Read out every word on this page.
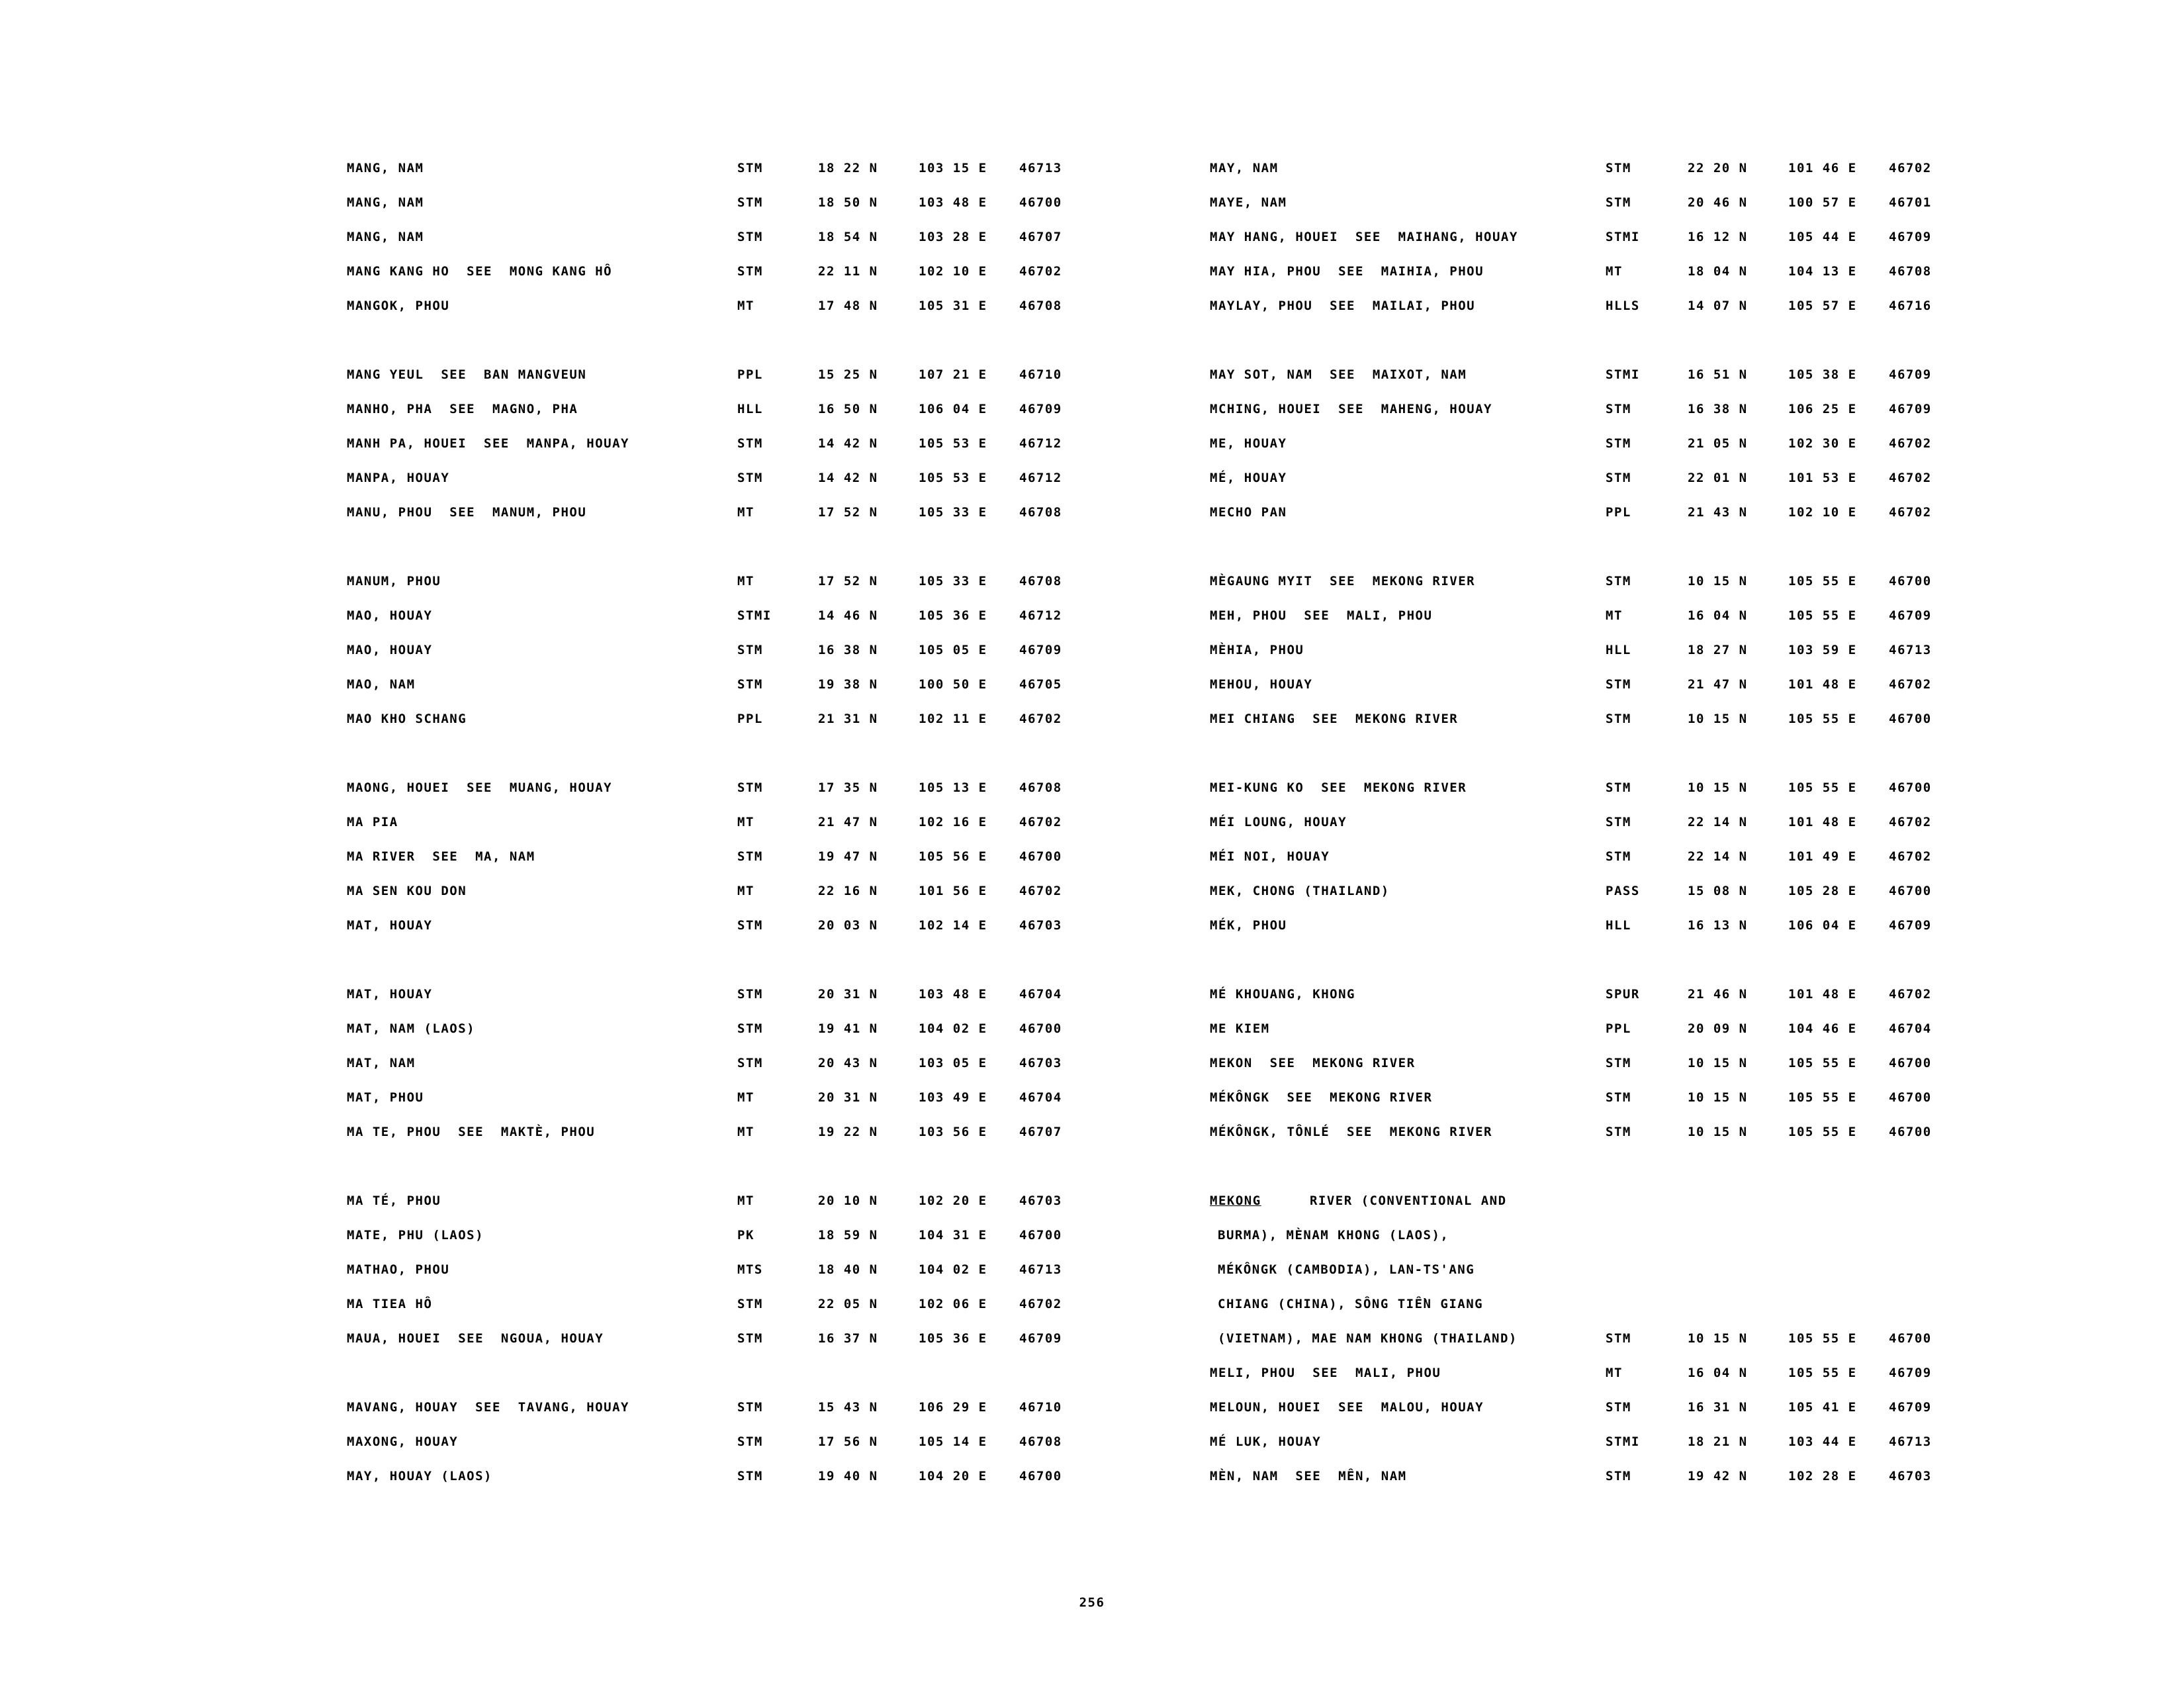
MANG, NAM	STM	18 22 N	103 15 E	46713
MANG, NAM	STM	18 50 N	103 48 E	46700
MANG, NAM	STM	18 54 N	103 28 E	46707
MANG KANG HO  SEE  MONG KANG HÔ	STM	22 11 N	102 10 E	46702
MANGOK, PHOU	MT	17 48 N	105 31 E	46708
MANG YEUL  SEE  BAN MANGVEUN	PPL	15 25 N	107 21 E	46710
MANHO, PHA  SEE  MAGNO, PHA	HLL	16 50 N	106 04 E	46709
MANH PA, HOUEI  SEE  MANPA, HOUAY	STM	14 42 N	105 53 E	46712
MANPA, HOUAY	STM	14 42 N	105 53 E	46712
MANU, PHOU  SEE  MANUM, PHOU	MT	17 52 N	105 33 E	46708
MANUM, PHOU	MT	17 52 N	105 33 E	46708
MAO, HOUAY	STMI	14 46 N	105 36 E	46712
MAO, HOUAY	STM	16 38 N	105 05 E	46709
MAO, NAM	STM	19 38 N	100 50 E	46705
MAO KHO SCHANG	PPL	21 31 N	102 11 E	46702
MAONG, HOUEI  SEE  MUANG, HOUAY	STM	17 35 N	105 13 E	46708
MA PIA	MT	21 47 N	102 16 E	46702
MA RIVER  SEE  MA, NAM	STM	19 47 N	105 56 E	46700
MA SEN KOU DON	MT	22 16 N	101 56 E	46702
MAT, HOUAY	STM	20 03 N	102 14 E	46703
MAT, HOUAY	STM	20 31 N	103 48 E	46704
MAT, NAM (LAOS)	STM	19 41 N	104 02 E	46700
MAT, NAM	STM	20 43 N	103 05 E	46703
MAT, PHOU	MT	20 31 N	103 49 E	46704
MA TE, PHOU  SEE  MAKTÈ, PHOU	MT	19 22 N	103 56 E	46707
MA TÉ, PHOU	MT	20 10 N	102 20 E	46703
MATE, PHU (LAOS)	PK	18 59 N	104 31 E	46700
MATHAO, PHOU	MTS	18 40 N	104 02 E	46713
MA TIEA HÔ	STM	22 05 N	102 06 E	46702
MAUA, HOUEI  SEE  NGOUA, HOUAY	STM	16 37 N	105 36 E	46709
MAVANG, HOUAY  SEE  TAVANG, HOUAY	STM	15 43 N	106 29 E	46710
MAXONG, HOUAY	STM	17 56 N	105 14 E	46708
MAY, HOUAY (LAOS)	STM	19 40 N	104 20 E	46700
MAY, NAM	STM	22 20 N	101 46 E	46702
MAYE, NAM	STM	20 46 N	100 57 E	46701
MAY HANG, HOUEI  SEE  MAIHANG, HOUAY	STMI	16 12 N	105 44 E	46709
MAY HIA, PHOU  SEE  MAIHIA, PHOU	MT	18 04 N	104 13 E	46708
MAYLAY, PHOU  SEE  MAILAI, PHOU	HLLS	14 07 N	105 57 E	46716
MAY SOT, NAM  SEE  MAIXOT, NAM	STMI	16 51 N	105 38 E	46709
MCHING, HOUEI  SEE  MAHENG, HOUAY	STM	16 38 N	106 25 E	46709
ME, HOUAY	STM	21 05 N	102 30 E	46702
MÉ, HOUAY	STM	22 01 N	101 53 E	46702
MECHO PAN	PPL	21 43 N	102 10 E	46702
MÈGAUNG MYIT  SEE  MEKONG RIVER	STM	10 15 N	105 55 E	46700
MEH, PHOU  SEE  MALI, PHOU	MT	16 04 N	105 55 E	46709
MÈHIA, PHOU	HLL	18 27 N	103 59 E	46713
MEHOU, HOUAY	STM	21 47 N	101 48 E	46702
MEI CHIANG  SEE  MEKONG RIVER	STM	10 15 N	105 55 E	46700
MEI-KUNG KO  SEE  MEKONG RIVER	STM	10 15 N	105 55 E	46700
MÉI LOUNG, HOUAY	STM	22 14 N	101 48 E	46702
MÉI NOI, HOUAY	STM	22 14 N	101 49 E	46702
MEK, CHONG (THAILAND)	PASS	15 08 N	105 28 E	46700
MÉK, PHOU	HLL	16 13 N	106 04 E	46709
MÉ KHOUANG, KHONG	SPUR	21 46 N	101 48 E	46702
ME KIEM	PPL	20 09 N	104 46 E	46704
MEKON  SEE  MEKONG RIVER	STM	10 15 N	105 55 E	46700
MÉKÔNGK  SEE  MEKONG RIVER	STM	10 15 N	105 55 E	46700
MÉKÔNGK, TÔNLÉ  SEE  MEKONG RIVER	STM	10 15 N	105 55 E	46700
MEKONG	RIVER (CONVENTIONAL AND
BURMA), MÈNAM KHONG (LAOS),
MÉKÔNGK (CAMBODIA), LAN-TS'ANG
CHIANG (CHINA), SÔNG TIỀN GIANG
(VIETNAM), MAE NAM KHONG (THAILAND)	STM	10 15 N	105 55 E	46700
MELI, PHOU  SEE  MALI, PHOU	MT	16 04 N	105 55 E	46709
MELOUN, HOUEI  SEE  MALOU, HOUAY	STM	16 31 N	105 41 E	46709
MÉ LUK, HOUAY	STMI	18 21 N	103 44 E	46713
MÈN, NAM  SEE  MÊN, NAM	STM	19 42 N	102 28 E	46703
256
